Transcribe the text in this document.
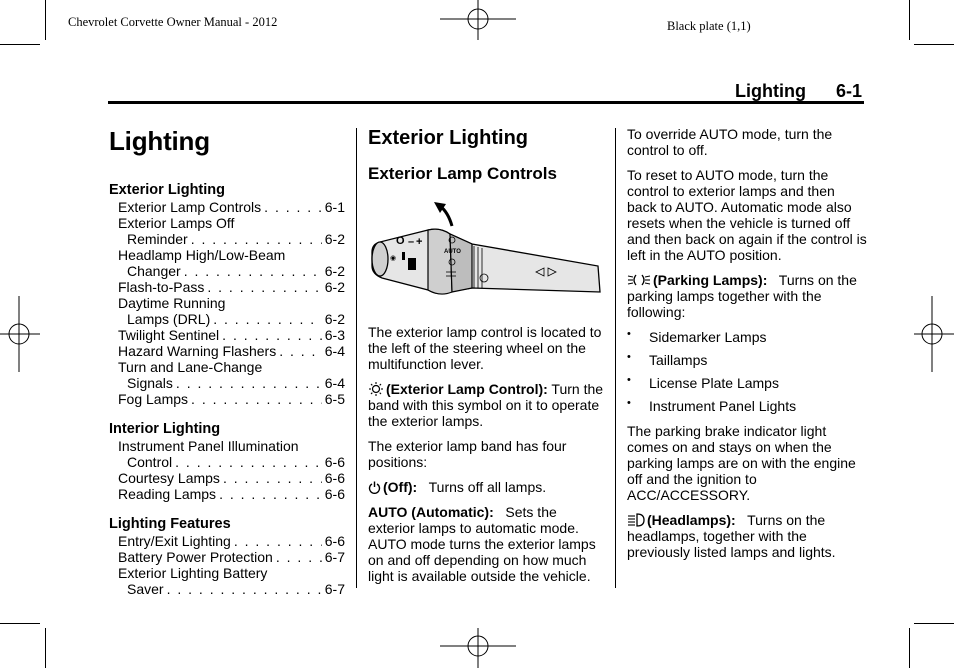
Chevrolet Corvette Owner Manual - 2012	Black plate (1,1)
Lighting 6-1
Lighting
Exterior Lighting
Exterior Lamp Controls . . .	6-1
Exterior Lamps Off
Reminder . . .	6-2
Headlamp High/Low-Beam
Changer . . .	6-2
Flash-to-Pass . . .	6-2
Daytime Running
Lamps (DRL) . . .	6-2
Twilight Sentinel . . .	6-3
Hazard Warning Flashers . . .	6-4
Turn and Lane-Change
Signals . . .	6-4
Fog Lamps . . .	6-5
Interior Lighting
Instrument Panel Illumination
Control . . .	6-6
Courtesy Lamps . . .	6-6
Reading Lamps . . .	6-6
Lighting Features
Entry/Exit Lighting . . .	6-6
Battery Power Protection . . .	6-7
Exterior Lighting Battery
Saver . . .	6-7
Exterior Lighting
Exterior Lamp Controls
O – +
◉
AUTO

The exterior lamp control is located to the left of the steering wheel on the multifunction lever.

(Exterior Lamp Control): Turn the band with this symbol on it to operate the exterior lamps.

The exterior lamp band has four positions:

(Off): Turns off all lamps.

AUTO (Automatic): Sets the exterior lamps to automatic mode. AUTO mode turns the exterior lamps on and off depending on how much light is available outside the vehicle.

To override AUTO mode, turn the control to off.

To reset to AUTO mode, turn the control to exterior lamps and then back to AUTO. Automatic mode also resets when the vehicle is turned off and then back on again if the control is left in the AUTO position.

(Parking Lamps): Turns on the parking lamps together with the following:

• Sidemarker Lamps
• Taillamps
• License Plate Lamps
• Instrument Panel Lights

The parking brake indicator light comes on and stays on when the parking lamps are on with the engine off and the ignition to ACC/ACCESSORY.

(Headlamps): Turns on the headlamps, together with the previously listed lamps and lights.
